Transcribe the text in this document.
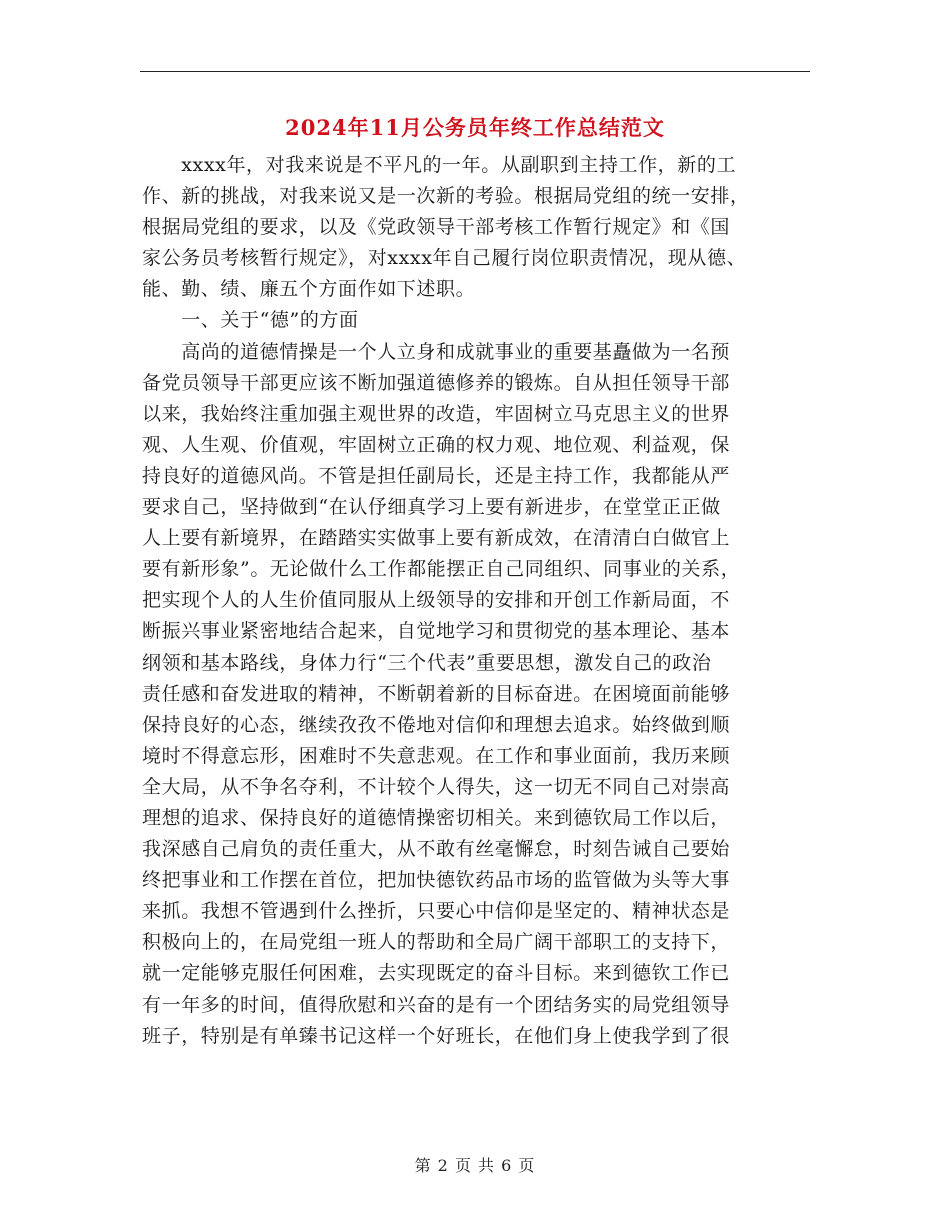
2024年11月公务员年终工作总结范文
　　xxxx年，对我来说是不平凡的一年。从副职到主持工作，新的工
作、新的挑战，对我来说又是一次新的考验。根据局党组的统一安排，
根据局党组的要求，以及《党政领导干部考核工作暂行规定》和《国
家公务员考核暂行规定》，对xxxx年自己履行岗位职责情况，现从德、
能、勤、绩、廉五个方面作如下述职。
　　一、关于“德”的方面
　　高尚的道德情操是一个人立身和成就事业的重要基矗做为一名预
备党员领导干部更应该不断加强道德修养的锻炼。自从担任领导干部
以来，我始终注重加强主观世界的改造，牢固树立马克思主义的世界
观、人生观、价值观，牢固树立正确的权力观、地位观、利益观，保
持良好的道德风尚。不管是担任副局长，还是主持工作，我都能从严
要求自己，坚持做到“在认伃细真学习上要有新进步，在堂堂正正做
人上要有新境界，在踏踏实实做事上要有新成效，在清清白白做官上
要有新形象”。无论做什么工作都能摆正自己同组织、同事业的关系，
把实现个人的人生价值同服从上级领导的安排和开创工作新局面，不
断振兴事业紧密地结合起来，自觉地学习和贯彻党的基本理论、基本
纲领和基本路线，身体力行“三个代表”重要思想，激发自己的政治
责任感和奋发进取的精神，不断朝着新的目标奋进。在困境面前能够
保持良好的心态，继续孜孜不倦地对信仰和理想去追求。始终做到顺
境时不得意忘形，困难时不失意悲观。在工作和事业面前，我历来顾
全大局，从不争名夺利，不计较个人得失，这一切无不同自己对崇高
理想的追求、保持良好的道德情操密切相关。来到德钦局工作以后，
我深感自己肩负的责任重大，从不敢有丝毫懈怠，时刻告诫自己要始
终把事业和工作摆在首位，把加快德钦药品市场的监管做为头等大事
来抓。我想不管遇到什么挫折，只要心中信仰是坚定的、精神状态是
积极向上的，在局党组一班人的帮助和全局广阔干部职工的支持下，
就一定能够克服任何困难，去实现既定的奋斗目标。来到德钦工作已
有一年多的时间，值得欣慰和兴奋的是有一个团结务实的局党组领导
班子，特别是有单臻书记这样一个好班长，在他们身上使我学到了很
第 2 页 共 6 页
